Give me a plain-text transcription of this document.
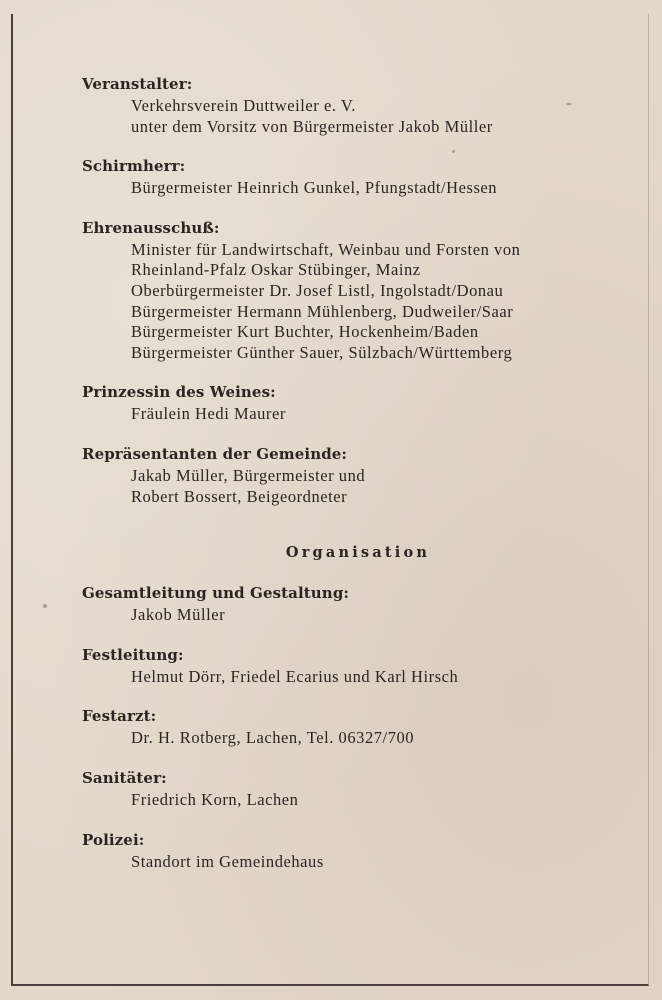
Veranstalter:
Verkehrsverein Duttweiler e. V.
unter dem Vorsitz von Bürgermeister Jakob Müller
Schirmherr:
Bürgermeister Heinrich Gunkel, Pfungstadt/Hessen
Ehrenausschuß:
Minister für Landwirtschaft, Weinbau und Forsten von
Rheinland-Pfalz Oskar Stübinger, Mainz
Oberbürgermeister Dr. Josef Listl, Ingolstadt/Donau
Bürgermeister Hermann Mühlenberg, Dudweiler/Saar
Bürgermeister Kurt Buchter, Hockenheim/Baden
Bürgermeister Günther Sauer, Sülzbach/Württemberg
Prinzessin des Weines:
Fräulein Hedi Maurer
Repräsentanten der Gemeinde:
Jakab Müller, Bürgermeister und
Robert Bossert, Beigeordneter
Organisation
Gesamtleitung und Gestaltung:
Jakob Müller
Festleitung:
Helmut Dörr, Friedel Ecarius und Karl Hirsch
Festarzt:
Dr. H. Rotberg, Lachen, Tel. 06327/700
Sanitäter:
Friedrich Korn, Lachen
Polizei:
Standort im Gemeindehaus
